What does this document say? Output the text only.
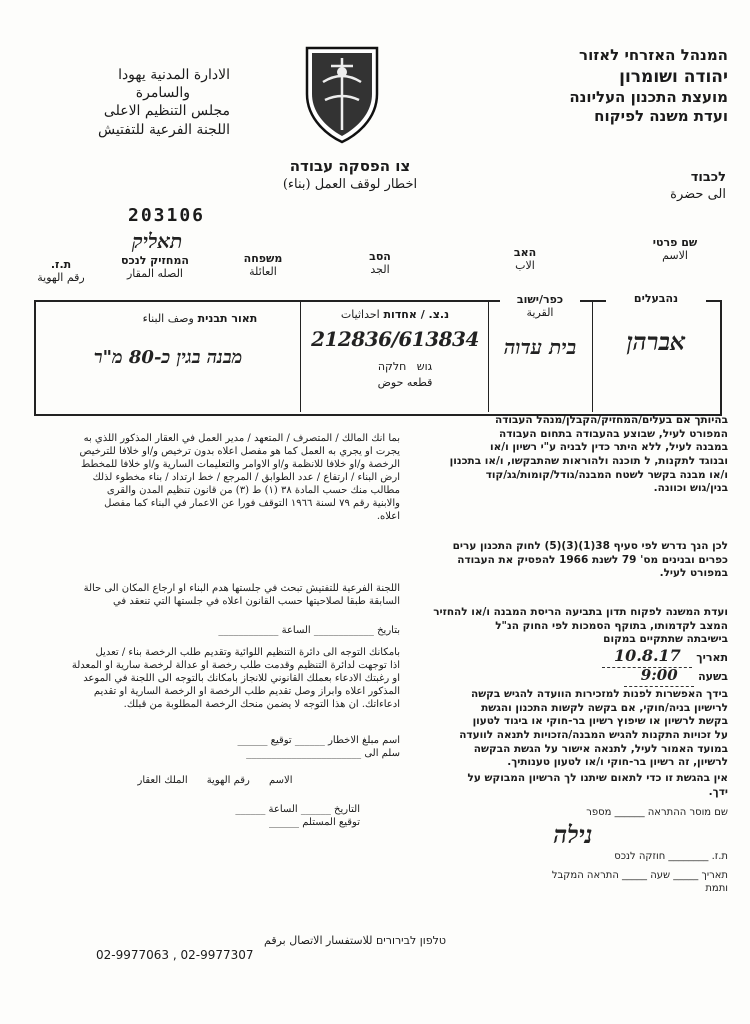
המנהל האזרחי לאזור
יהודה ושומרון
מועצת התכנון העליונה
ועדת משנה לפיקוח
الادارة المدنية يهودا
والسامرة
مجلس التنظيم الاعلى
اللجنة الفرعية للتفتيش
צו הפסקה עבודה
اخطار لوقف العمل (بناء)
203106
תאליק
לכבוד
الى حضرة
שם פרטי
الاسم
האב
الاب
הסב
الجد
משפחה
العائلة
המחזיק לנכס
الصله المقار
ת.ז.
رقم الهوية
נהבעלים
כפר/ישוב
القرية
נ.צ. / אחדות احداثيات
תאור תבנית وصف البناء
אברהן
בית עדוה
212836/613834
גוש   חלקה
قطعه حوض
מבנה בגין כ-80 מ"ר
בהיותך אם בעלים/המחזיק/הקבלן/מנהל העבודה
המפורט לעיל, שבוצע בהעבודה בתחום העבודה
במבנה לעיל, ללא היתר כדין לבניה ע"י רשיון ו/או
ובנוגד לתקנות, ל תוכנה ולהוראות שהתבקשו, ו/או בתכנון
ו/או מבנה בקשר לשטח המבנה/גודל/קומות/גג/קוד
בנין/גוש וכוונה.
לכן הנך נדרש לפי סעיף 38(1)(3)(5) לחוק התכנון ערים
כפרים ובנינים מס' 79 לשנת 1966 להפסיק את העבודה
במפורט לעיל.
ועדת המשנה לפקוח תדון בתביעה הריסת המבנה ו/או להחזיר
המצב לקדמותו, בתוקף הסמכות לפי החוק הנ"ל
בישיבתה שתתקיים במקום
תאריך 10.8.17
בשעה 9:00
בידך האפשרות לפנות למזכירות הוועדה להגיש בקשה
לרישיון בניה/חוקי, אם בקשה לקשות התכנון והגשת
בקשת לרשיון או שיפוץ רשיון בר-חוקי או ביגוד לטעון
על זכויות התקנות להגיש המבנה/הזכויות לתנאה לוועדה
במועד האמור לעיל, לתנאה אישור על הגשת הבקשה
לרשיון, זה רשיון בר-חוקי ו/או לטעון טענותיך.
אין בהגשת זו כדי לתאום שיתנו לך הרשיון המבוקש על
ידך.
שם מוסר ההתראה ______ מספר
נילה
ת.ז. ________ חוזקה לנכס
תאריך _____ שעה _____ התראה המקבל
ותמת
بما انك المالك / المتصرف / المتعهد / مدير العمل في العقار المذكور اللذي به
يجرت او يجري به العمل كما هو مفصل اعلاه بدون ترخيص و/او خلافا للترخيص
الرخصة و/او خلافا للانظمة و/او الاوامر والتعليمات السارية و/او خلافا للمخطط
ارض البناء / ارتفاع / عدد الطوابق / المرجع / خط ارتداد / بناء مخطوء لذلك
مطالب منك حسب المادة ٣٨ (١) ط (٣) من قانون تنظيم المدن والقرى
والابنية رقم ٧٩ لسنة ١٩٦٦ التوقف فورا عن الاعمار في البناء كما مفصل
اعلاه.
اللجنة الفرعية للتفتيش تبحث في جلستها هدم البناء او ارجاع المكان الى حالة
السابقة طبقا لصلاحيتها حسب القانون اعلاه في جلستها التي تنعقد في
بتاريخ ____________ الساعة ____________
بامكانك التوجه الى دائرة التنظيم اللوائية وتقديم طلب الرخصة بناء / تعديل
اذا توجهت لدائرة التنظيم وقدمت طلب رخصة او عدالة لرخصة سارية او المعدلة
او رغبتك الادعاء بعملك القانوني للانجاز بامكانك بالتوجه الى اللجنة في الموعد
المذكور اعلاه وابراز وصل تقديم طلب الرخصة او الرخصة السارية او تقديم
ادعاءاتك. ان هذا التوجه لا يضمن منحك الرخصة المطلوبة من قبلك.
اسم مبلغ الاخطار ______ توقيع ______
سلم الى _______________________
الاسم      رقم الهوية      الملك العقار
التاريخ ______ الساعة ______
توقيع المستلم ______
טלפון לבירורים للاستفسار الاتصال برقم
02-9977063 , 02-9977307
